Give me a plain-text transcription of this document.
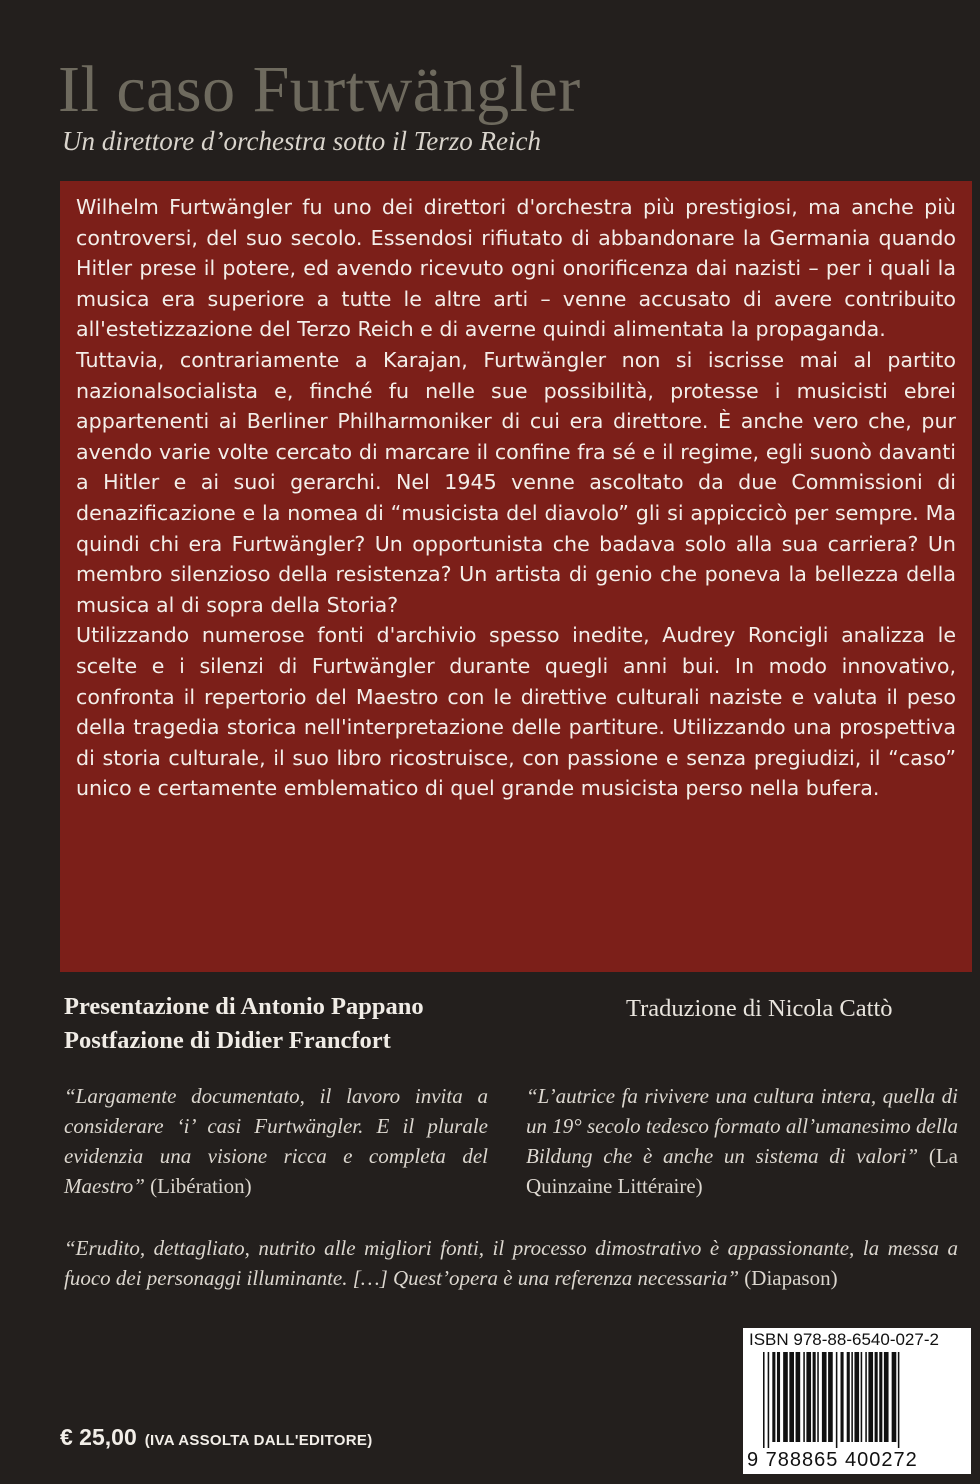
Il caso Furtwängler
Un direttore d’orchestra sotto il Terzo Reich

Wilhelm Furtwängler fu uno dei direttori d'orchestra più prestigiosi, ma anche più controversi, del suo secolo. Essendosi rifiutato di abbandonare la Germania quando Hitler prese il potere, ed avendo ricevuto ogni onorificenza dai nazisti – per i quali la musica era superiore a tutte le altre arti – venne accusato di avere contribuito all'estetizzazione del Terzo Reich e di averne quindi alimentata la propaganda.

Tuttavia, contrariamente a Karajan, Furtwängler non si iscrisse mai al partito nazionalsocialista e, finché fu nelle sue possibilità, protesse i musicisti ebrei appartenenti ai Berliner Philharmoniker di cui era direttore. È anche vero che, pur avendo varie volte cercato di marcare il confine fra sé e il regime, egli suonò davanti a Hitler e ai suoi gerarchi. Nel 1945 venne ascoltato da due Commissioni di denazificazione e la nomea di “musicista del diavolo” gli si appiccicò per sempre. Ma quindi chi era Furtwängler? Un opportunista che badava solo alla sua carriera? Un membro silenzioso della resistenza? Un artista di genio che poneva la bellezza della musica al di sopra della Storia?

Utilizzando numerose fonti d'archivio spesso inedite, Audrey Roncigli analizza le scelte e i silenzi di Furtwängler durante quegli anni bui. In modo innovativo, confronta il repertorio del Maestro con le direttive culturali naziste e valuta il peso della tragedia storica nell'interpretazione delle partiture. Utilizzando una prospettiva di storia culturale, il suo libro ricostruisce, con passione e senza pregiudizi, il “caso” unico e certamente emblematico di quel grande musicista perso nella bufera.

Presentazione di Antonio Pappano
Postfazione di Didier Francfort
Traduzione di Nicola Cattò
“Largamente documentato, il lavoro invita a considerare ‘i’ casi Furtwängler. E il plurale evidenzia una visione ricca e completa del Maestro” (Libération)
“L’autrice fa rivivere una cultura intera, quella di un 19° secolo tedesco formato all’umanesimo della Bildung che è anche un sistema di valori” (La Quinzaine Littéraire)
“Erudito, dettagliato, nutrito alle migliori fonti, il processo dimostrativo è appassionante, la messa a fuoco dei personaggi illuminante. […] Quest’opera è una referenza necessaria” (Diapason)
ISBN 978-88-6540-027-2
9 788865 400272
€ 25,00 (IVA ASSOLTA DALL'EDITORE)
